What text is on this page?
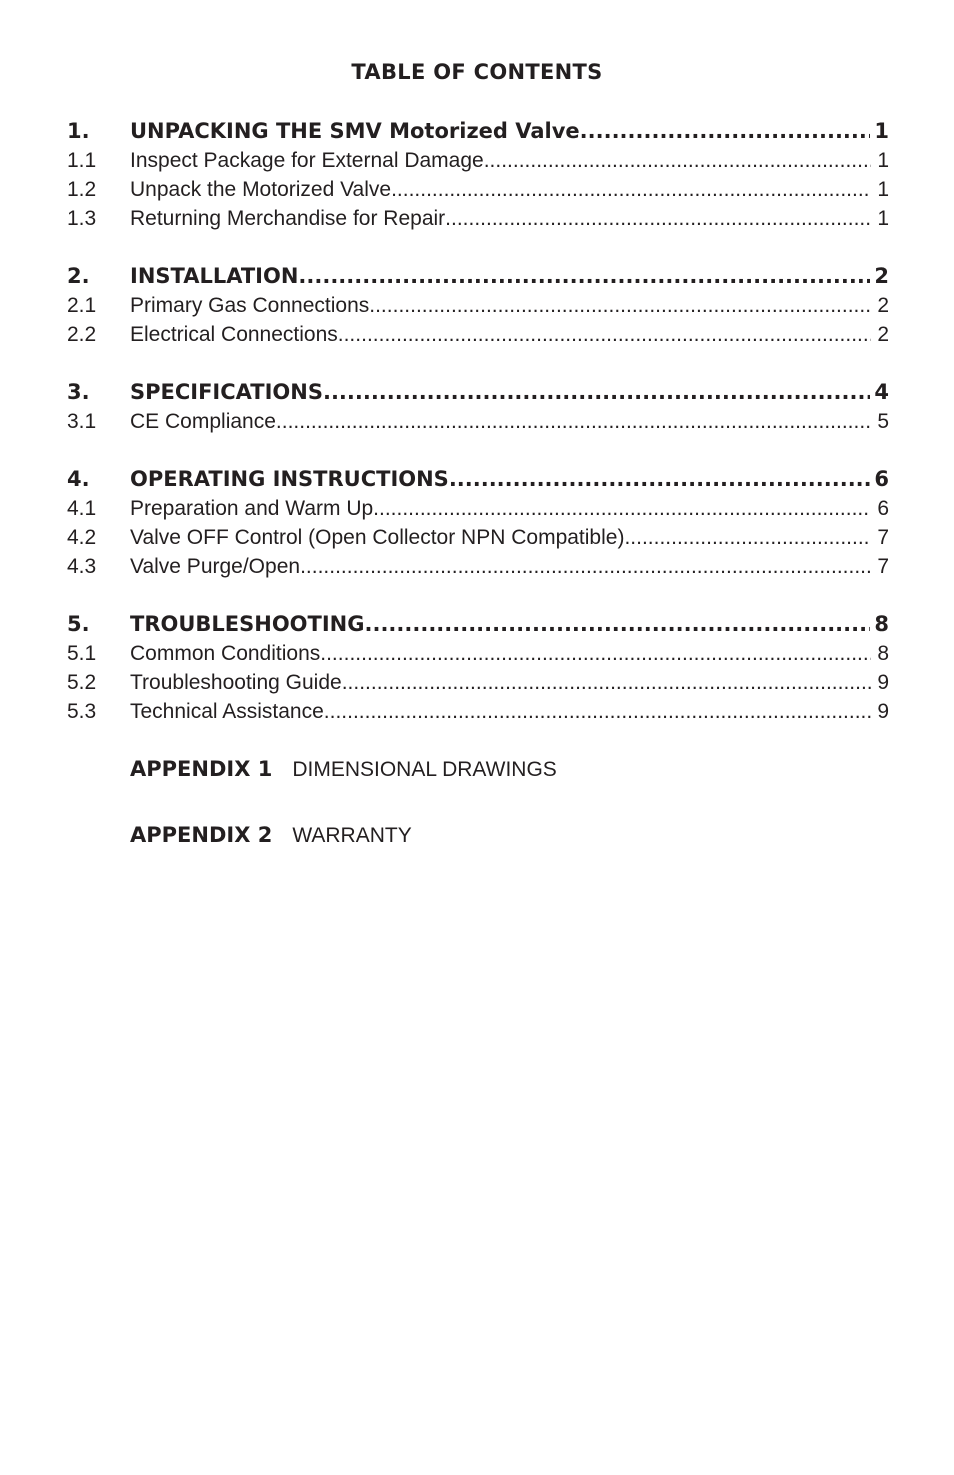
TABLE OF CONTENTS
1.	UNPACKING THE SMV Motorized Valve .....	1
1.1	Inspect Package for External Damage .....	1
1.2	Unpack the Motorized Valve .....	1
1.3	Returning Merchandise for Repair .....	1
2.	INSTALLATION .....	2
2.1	Primary Gas Connections .....	2
2.2	Electrical Connections .....	2
3.	SPECIFICATIONS .....	4
3.1	CE Compliance .....	5
4.	OPERATING INSTRUCTIONS .....	6
4.1	Preparation and Warm Up .....	6
4.2	Valve OFF Control (Open Collector NPN Compatible) .....	7
4.3	Valve Purge/Open .....	7
5.	TROUBLESHOOTING .....	8
5.1	Common Conditions .....	8
5.2	Troubleshooting Guide .....	9
5.3	Technical Assistance .....	9
APPENDIX 1 DIMENSIONAL DRAWINGS
APPENDIX 2 WARRANTY
